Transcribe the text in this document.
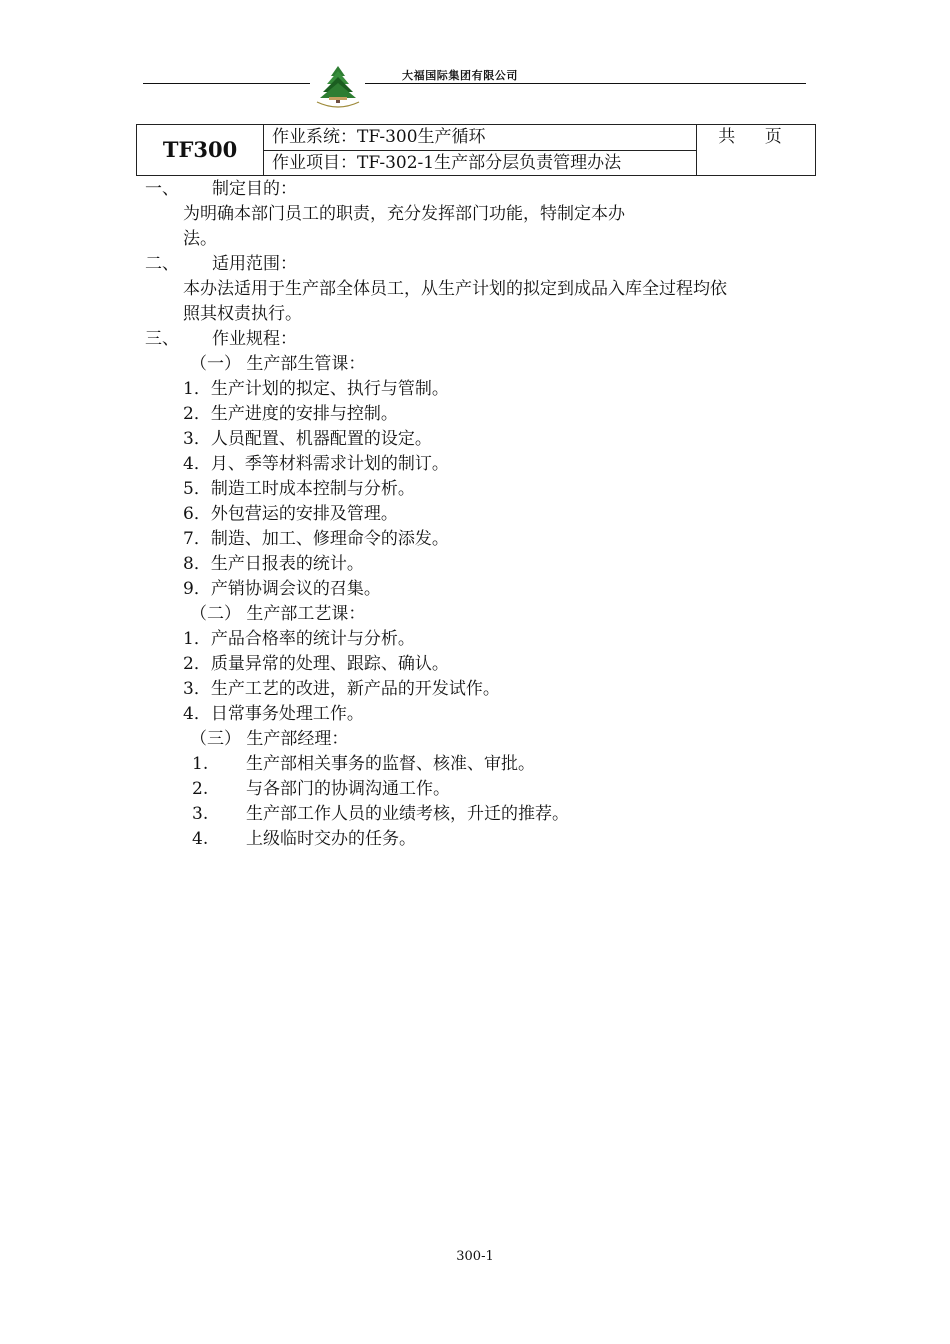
大福国际集团有限公司
TF300	作业系统：TF-300生产循环	共 页
作业项目：TF-302-1生产部分层负责管理办法
一、 制定目的：
为明确本部门员工的职责，充分发挥部门功能，特制定本办
法。
二、 适用范围：
本办法适用于生产部全体员工，从生产计划的拟定到成品入库全过程均依
照其权责执行。
三、 作业规程：
（一） 生产部生管课：
1．生产计划的拟定、执行与管制。
2．生产进度的安排与控制。
3．人员配置、机器配置的设定。
4．月、季等材料需求计划的制订。
5．制造工时成本控制与分析。
6．外包营运的安排及管理。
7．制造、加工、修理命令的添发。
8．生产日报表的统计。
9．产销协调会议的召集。
（二） 生产部工艺课：
1．产品合格率的统计与分析。
2．质量异常的处理、跟踪、确认。
3．生产工艺的改进，新产品的开发试作。
4．日常事务处理工作。
（三） 生产部经理：
1. 生产部相关事务的监督、核准、审批。
2. 与各部门的协调沟通工作。
3. 生产部工作人员的业绩考核，升迁的推荐。
4. 上级临时交办的任务。
300-1
